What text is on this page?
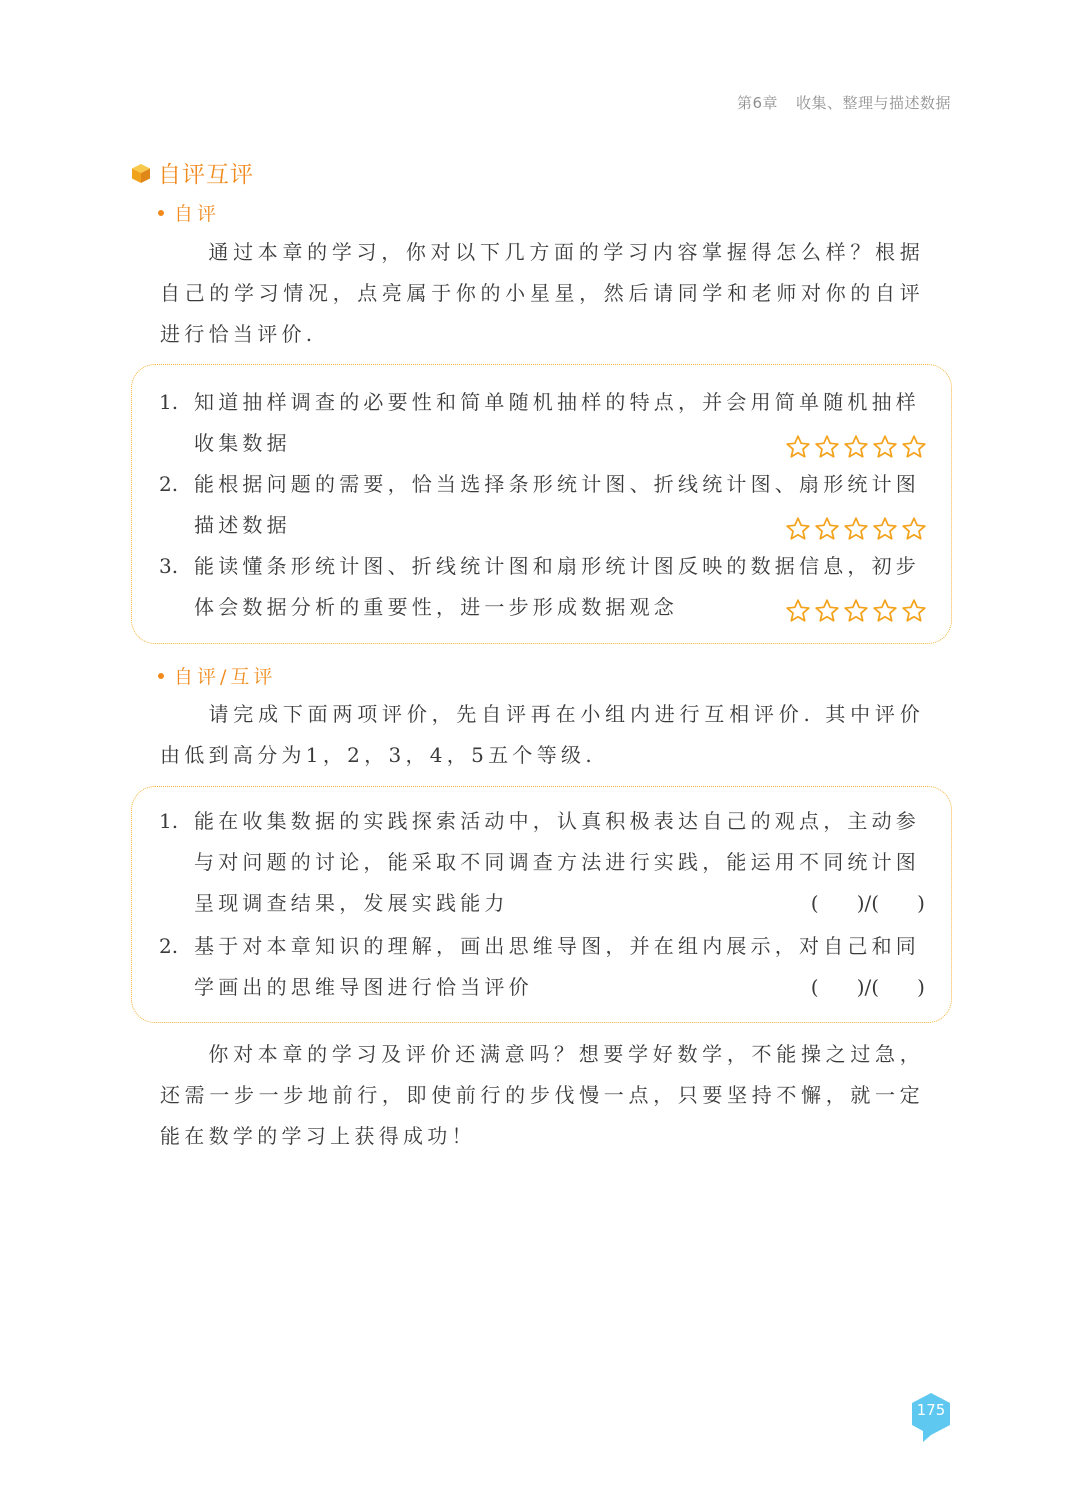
第6章 收集、整理与描述数据
自评互评
自评
通过本章的学习，你对以下几方面的学习内容掌握得怎么样？根据自己的学习情况，点亮属于你的小星星，然后请同学和老师对你的自评进行恰当评价.
1. 知道抽样调查的必要性和简单随机抽样的特点，并会用简单随机抽样
收集数据
2. 能根据问题的需要，恰当选择条形统计图、折线统计图、扇形统计图
描述数据
3. 能读懂条形统计图、折线统计图和扇形统计图反映的数据信息，初步
体会数据分析的重要性，进一步形成数据观念
自评/互评
请完成下面两项评价，先自评再在小组内进行互相评价. 其中评价由低到高分为1，2，3，4，5五个等级.
1. 能在收集数据的实践探索活动中，认真积极表达自己的观点，主动参
与对问题的讨论，能采取不同调查方法进行实践，能运用不同统计图
呈现调查结果，发展实践能力	(      )/(      )
2. 基于对本章知识的理解，画出思维导图，并在组内展示，对自己和同
学画出的思维导图进行恰当评价	(      )/(      )
你对本章的学习及评价还满意吗？想要学好数学，不能操之过急，还需一步一步地前行，即使前行的步伐慢一点，只要坚持不懈，就一定能在数学的学习上获得成功！
175
